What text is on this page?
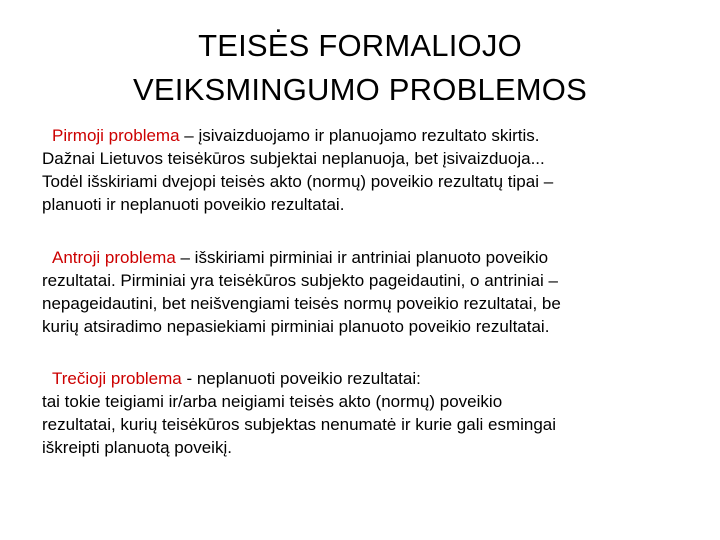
TEISĖS FORMALIOJO
VEIKSMINGUMO PROBLEMOS
Pirmoji problema – įsivaizduojamo ir planuojamo rezultato skirtis.
Dažnai Lietuvos teisėkūros subjektai neplanuoja, bet įsivaizduoja...
Todėl išskiriami dvejopi teisės akto (normų) poveikio rezultatų tipai –
planuoti ir neplanuoti poveikio rezultatai.
Antroji problema – išskiriami pirminiai ir antriniai planuoto poveikio
rezultatai. Pirminiai yra teisėkūros subjekto pageidautini, o antriniai –
nepageidautini, bet neišvengiami teisės normų poveikio rezultatai, be
kurių atsiradimo nepasiekiami pirminiai planuoto poveikio rezultatai.
Trečioji problema - neplanuoti poveikio rezultatai:
tai tokie teigiami ir/arba neigiami teisės akto (normų) poveikio
rezultatai, kurių teisėkūros subjektas nenumatė ir kurie gali esmingai
iškreipti planuotą poveikį.
